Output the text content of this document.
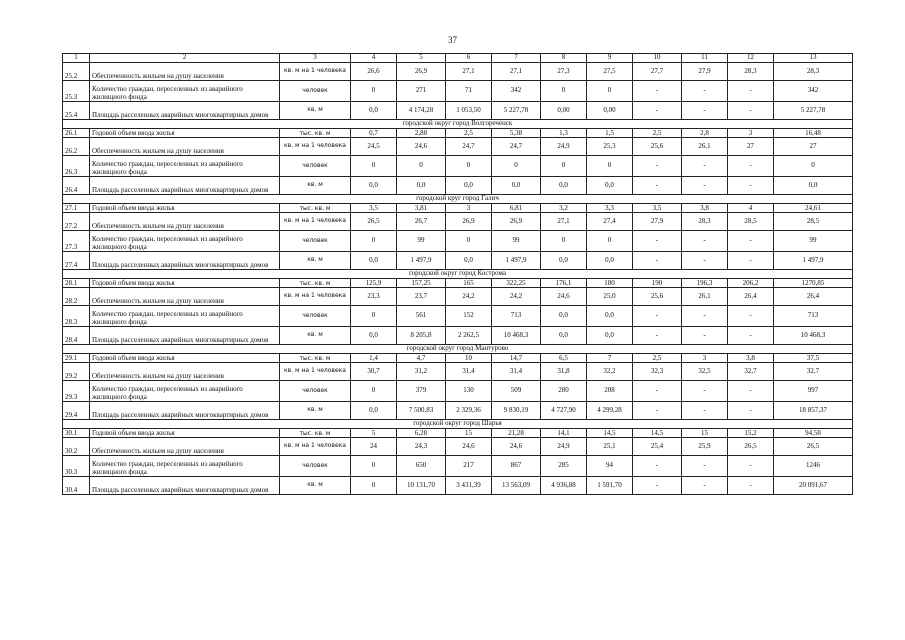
37
1	2	3	4	5	6	7	8	9	10	11	12	13
25.2	Обеспеченность жильем на душу населения	кв. м на 1 человека	26,6	26,9	27,1	27,1	27,3	27,5	27,7	27,9	28,3	28,3
25.3	Количество граждан, переселенных из аварийного жилищного фонда	человек	0	271	71	342	0	0	-	-	-	342
25.4	Площадь расселенных аварийных многоквартирных домов	кв. м	0,0	4 174,28	1 053,50	5 227,78	0,00	0,00	-	-	-	5 227,78
городской округ город Волгореченск												
26.1	Годовой объем ввода жилья	тыс. кв. м	0,7	2,88	2,5	5,38	1,3	1,5	2,5	2,8	3	16,48
26.2	Обеспеченность жильем на душу населения	кв. м на 1 человека	24,5	24,6	24,7	24,7	24,9	25,3	25,6	26,1	27	27
26.3	Количество граждан, переселенных из аварийного жилищного фонда	человек	0	0	0	0	0	0	-	-	-	0
26.4	Площадь расселенных аварийных многоквартирных домов	кв. м	0,0	0,0	0,0	0,0	0,0	0,0	-	-	-	0,0
городской круг город Галич												
27.1	Годовой объем ввода жилья	тыс. кв. м	3,5	3,81	3	6,81	3,2	3,3	3,5	3,8	4	24,61
27.2	Обеспеченность жильем на душу населения	кв. м на 1 человека	26,5	26,7	26,9	26,9	27,1	27,4	27,9	28,3	28,5	28,5
27.3	Количество граждан, переселенных из аварийного жилищного фонда	человек	0	99	0	99	0	0	-	-	-	99
27.4	Площадь расселенных аварийных многоквартирных домов	кв. м	0,0	1 497,9	0,0	1 497,9	0,0	0,0	-	-	-	1 497,9
городской округ город Кострома												
28.1	Годовой объем ввода жилья	тыс. кв. м	125,9	157,25	165	322,25	176,1	180	190	196,3	206,2	1270,85
28.2	Обеспеченность жильем на душу населения	кв. м на 1 человека	23,3	23,7	24,2	24,2	24,6	25,0	25,6	26,1	26,4	26,4
28.3	Количество граждан, переселенных из аварийного жилищного фонда	человек	0	561	152	713	0,0	0,0	-	-	-	713
28.4	Площадь расселенных аварийных многоквартирных домов	кв. м	0,0	8 205,8	2 262,5	10 468,3	0,0	0,0	-	-	-	10 468,3
городской округ город Мантурово												
29.1	Годовой объем ввода жилья	тыс. кв. м	1,4	4,7	10	14,7	6,5	7	2,5	3	3,8	37,5
29.2	Обеспеченность жильем на душу населения	кв. м на 1 человека	30,7	31,2	31,4	31,4	31,8	32,2	32,3	32,5	32,7	32,7
29.3	Количество граждан, переселенных из аварийного жилищного фонда	человек	0	379	130	509	280	208	-	-	-	997
29.4	Площадь расселенных аварийных многоквартирных домов	кв. м	0,0	7 500,83	2 329,36	9 830,19	4 727,90	4 299,28	-	-	-	18 857,37
городской округ город Шарья												
30.1	Годовой объем ввода жилья	тыс. кв. м	5	6,28	15	21,28	14,1	14,5	14,5	15	15,2	94,58
30.2	Обеспеченность жильем на душу населения	кв. м на 1 человека	24	24,3	24,6	24,6	24,9	25,1	25,4	25,9	26,5	26,5
30.3	Количество граждан, переселенных из аварийного жилищного фонда	человек	0	650	217	867	285	94	-	-	-	1246
30.4	Площадь расселенных аварийных многоквартирных домов	кв. м	0	10 131,70	3 431,39	13 563,09	4 936,88	1 591,70	-	-	-	20 091,67
